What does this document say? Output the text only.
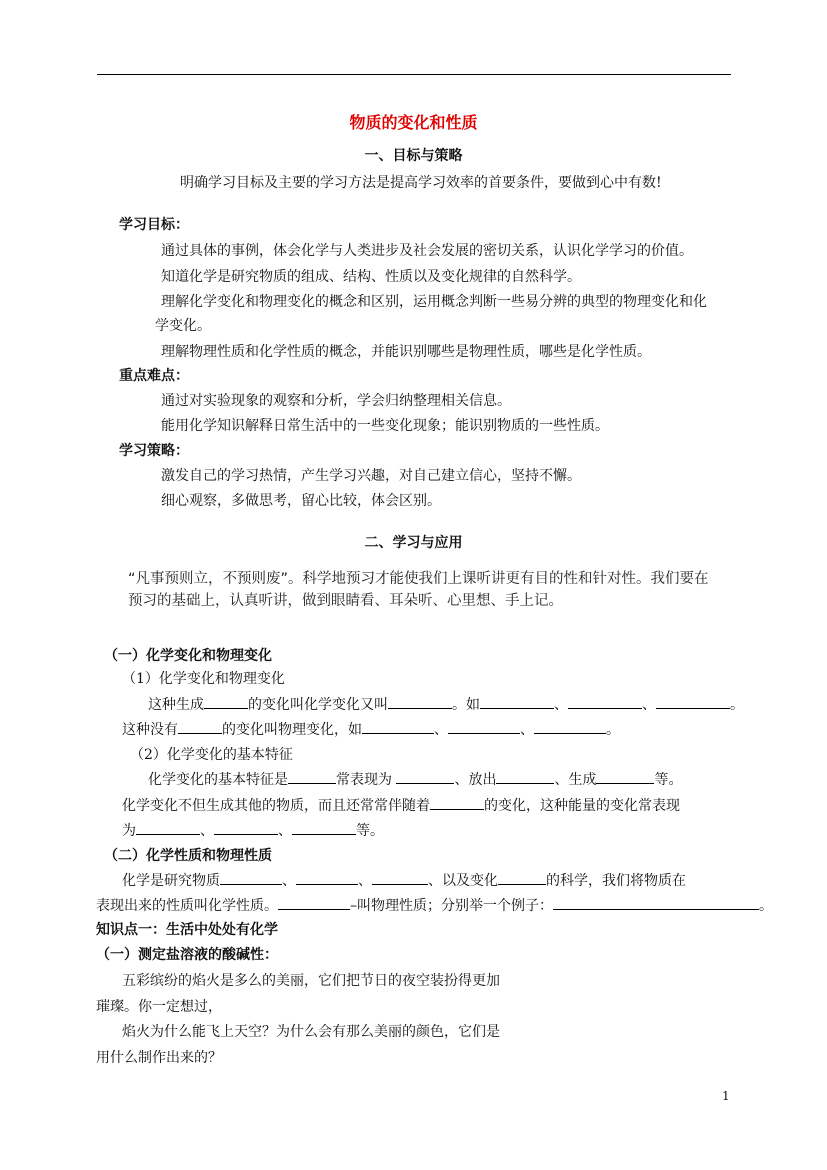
物质的变化和性质
一、目标与策略
明确学习目标及主要的学习方法是提高学习效率的首要条件，要做到心中有数!
学习目标：
通过具体的事例，体会化学与人类进步及社会发展的密切关系，认识化学学习的价值。
知道化学是研究物质的组成、结构、性质以及变化规律的自然科学。
理解化学变化和物理变化的概念和区别，运用概念判断一些易分辨的典型的物理变化和化
学变化。
理解物理性质和化学性质的概念，并能识别哪些是物理性质，哪些是化学性质。
重点难点：
通过对实验现象的观察和分析，学会归纳整理相关信息。
能用化学知识解释日常生活中的一些变化现象；能识别物质的一些性质。
学习策略：
激发自己的学习热情，产生学习兴趣，对自己建立信心，坚持不懈。
细心观察，多做思考，留心比较，体会区别。
二、学习与应用
“凡事预则立，不预则废”。科学地预习才能使我们上课听讲更有目的性和针对性。我们要在
预习的基础上，认真听讲，做到眼睛看、耳朵听、心里想、手上记。
（一）化学变化和物理变化
（1）化学变化和物理变化
这种生成	的变化叫化学变化又叫	。如	、	、	。
这种没有	的变化叫物理变化，如	、	、	。
（2）化学变化的基本特征
化学变化的基本特征是	常表现为	、放出	、生成	等。
化学变化不但生成其他的物质，而且还常常伴随着	的变化，这种能量的变化常表现
为	、	、	等。
（二）化学性质和物理性质
化学是研究物质	、	、	、以及变化	的科学，我们将物质在
表现出来的性质叫化学性质。	–叫物理性质；分别举一个例子：	。
知识点一：生活中处处有化学
（一）测定盐溶液的酸碱性：
五彩缤纷的焰火是多么的美丽，它们把节日的夜空装扮得更加
璀璨。你一定想过，
焰火为什么能飞上天空？为什么会有那么美丽的颜色，它们是
用什么制作出来的？
1
